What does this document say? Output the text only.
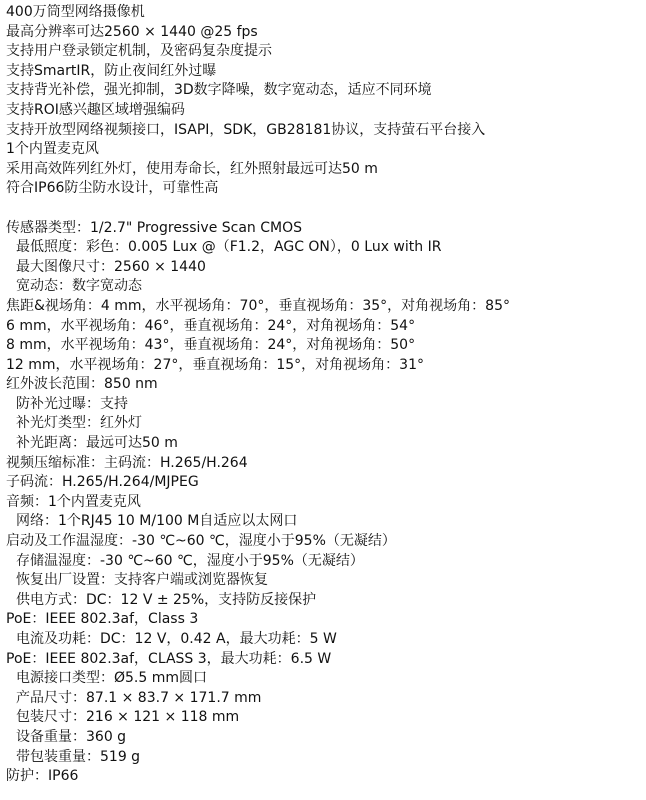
400万筒型网络摄像机
最高分辨率可达2560 × 1440 @25 fps
支持用户登录锁定机制，及密码复杂度提示
支持SmartIR，防止夜间红外过曝
支持背光补偿，强光抑制，3D数字降噪，数字宽动态，适应不同环境
支持ROI感兴趣区域增强编码
支持开放型网络视频接口，ISAPI，SDK，GB28181协议，支持萤石平台接入
1个内置麦克风
采用高效阵列红外灯，使用寿命长，红外照射最远可达50 m
符合IP66防尘防水设计，可靠性高
传感器类型：1/2.7" Progressive Scan CMOS
最低照度：彩色：0.005 Lux @（F1.2，AGC ON），0 Lux with IR
最大图像尺寸：2560 × 1440
宽动态：数字宽动态
焦距&视场角：4 mm，水平视场角：70°，垂直视场角：35°，对角视场角：85°
6 mm，水平视场角：46°，垂直视场角：24°，对角视场角：54°
8 mm，水平视场角：43°，垂直视场角：24°，对角视场角：50°
12 mm，水平视场角：27°，垂直视场角：15°，对角视场角：31°
红外波长范围：850 nm
防补光过曝：支持
补光灯类型：红外灯
补光距离：最远可达50 m
视频压缩标准：主码流：H.265/H.264
子码流：H.265/H.264/MJPEG
音频：1个内置麦克风
网络：1个RJ45 10 M/100 M自适应以太网口
启动及工作温湿度：-30 ℃~60 ℃，湿度小于95%（无凝结）
存储温湿度：-30 ℃~60 ℃，湿度小于95%（无凝结）
恢复出厂设置：支持客户端或浏览器恢复
供电方式：DC：12 V ± 25%，支持防反接保护
PoE：IEEE 802.3af，Class 3
电流及功耗：DC：12 V，0.42 A，最大功耗：5 W
PoE：IEEE 802.3af，CLASS 3，最大功耗：6.5 W
电源接口类型：Ø5.5 mm圆口
产品尺寸：87.1 × 83.7 × 171.7 mm
包装尺寸：216 × 121 × 118 mm
设备重量：360 g
带包装重量：519 g
防护：IP66
